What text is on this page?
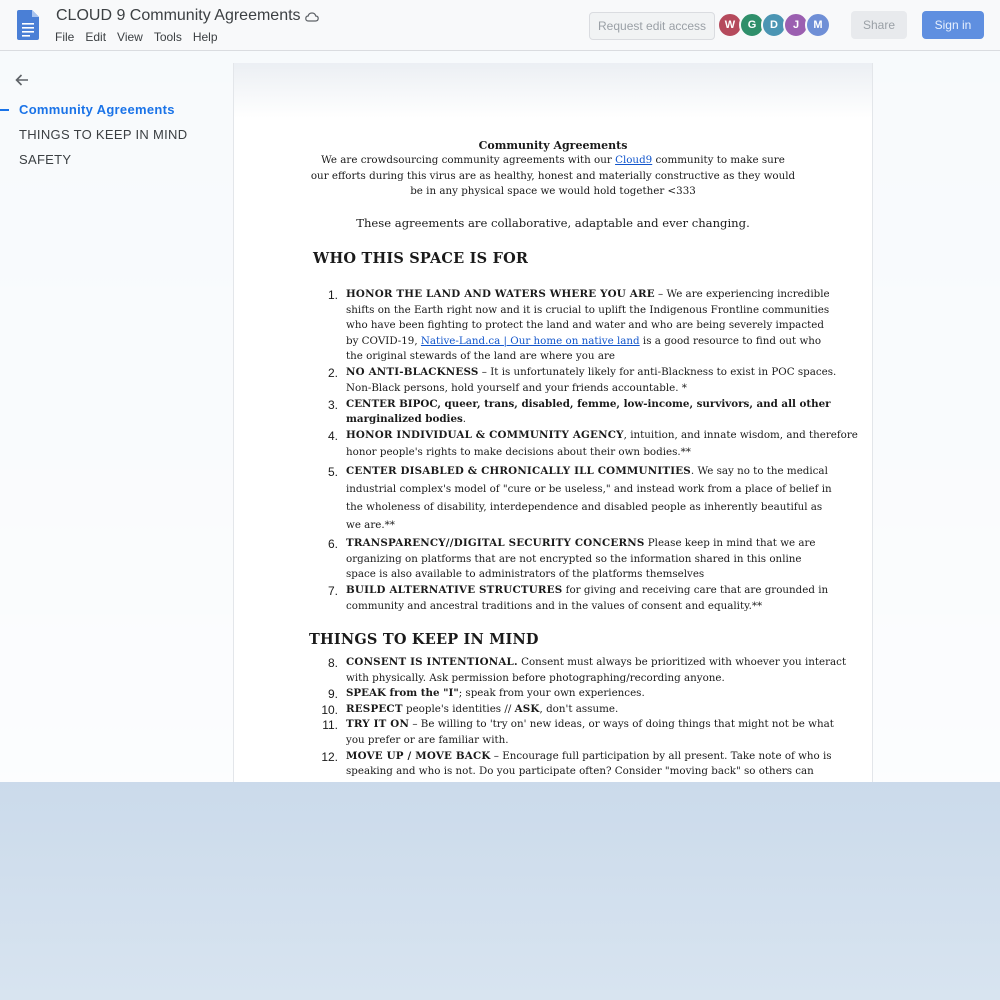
CLOUD 9 Community Agreements
File Edit View Tools Help
Request edit access	W	G	D	J	M	Share	Sign in
Community Agreements
THINGS TO KEEP IN MIND
SAFETY
Community Agreements
We are crowdsourcing community agreements with our Cloud9 community to make sure
our efforts during this virus are as healthy, honest and materially constructive as they would
be in any physical space we would hold together <333
These agreements are collaborative, adaptable and ever changing.
WHO THIS SPACE IS FOR
1. HONOR THE LAND AND WATERS WHERE YOU ARE – We are experiencing incredible
shifts on the Earth right now and it is crucial to uplift the Indigenous Frontline communities
who have been fighting to protect the land and water and who are being severely impacted
by COVID-19, Native-Land.ca | Our home on native land is a good resource to find out who
the original stewards of the land are where you are
2. NO ANTI-BLACKNESS – It is unfortunately likely for anti-Blackness to exist in POC spaces.
Non-Black persons, hold yourself and your friends accountable. *
3. CENTER BIPOC, queer, trans, disabled, femme, low-income, survivors, and all other
marginalized bodies.
4. HONOR INDIVIDUAL & COMMUNITY AGENCY, intuition, and innate wisdom, and therefore
honor people's rights to make decisions about their own bodies.**
5. CENTER DISABLED & CHRONICALLY ILL COMMUNITIES. We say no to the medical
industrial complex's model of "cure or be useless," and instead work from a place of belief in
the wholeness of disability, interdependence and disabled people as inherently beautiful as
we are.**
6. TRANSPARENCY//DIGITAL SECURITY CONCERNS Please keep in mind that we are
organizing on platforms that are not encrypted so the information shared in this online
space is also available to administrators of the platforms themselves
7. BUILD ALTERNATIVE STRUCTURES for giving and receiving care that are grounded in
community and ancestral traditions and in the values of consent and equality.**
THINGS TO KEEP IN MIND
8. CONSENT IS INTENTIONAL. Consent must always be prioritized with whoever you interact
with physically. Ask permission before photographing/recording anyone.
9. SPEAK from the "I"; speak from your own experiences.
10. RESPECT people's identities // ASK, don't assume.
11. TRY IT ON – Be willing to 'try on' new ideas, or ways of doing things that might not be what
you prefer or are familiar with.
12. MOVE UP / MOVE BACK – Encourage full participation by all present. Take note of who is
speaking and who is not. Do you participate often? Consider "moving back" so others can
